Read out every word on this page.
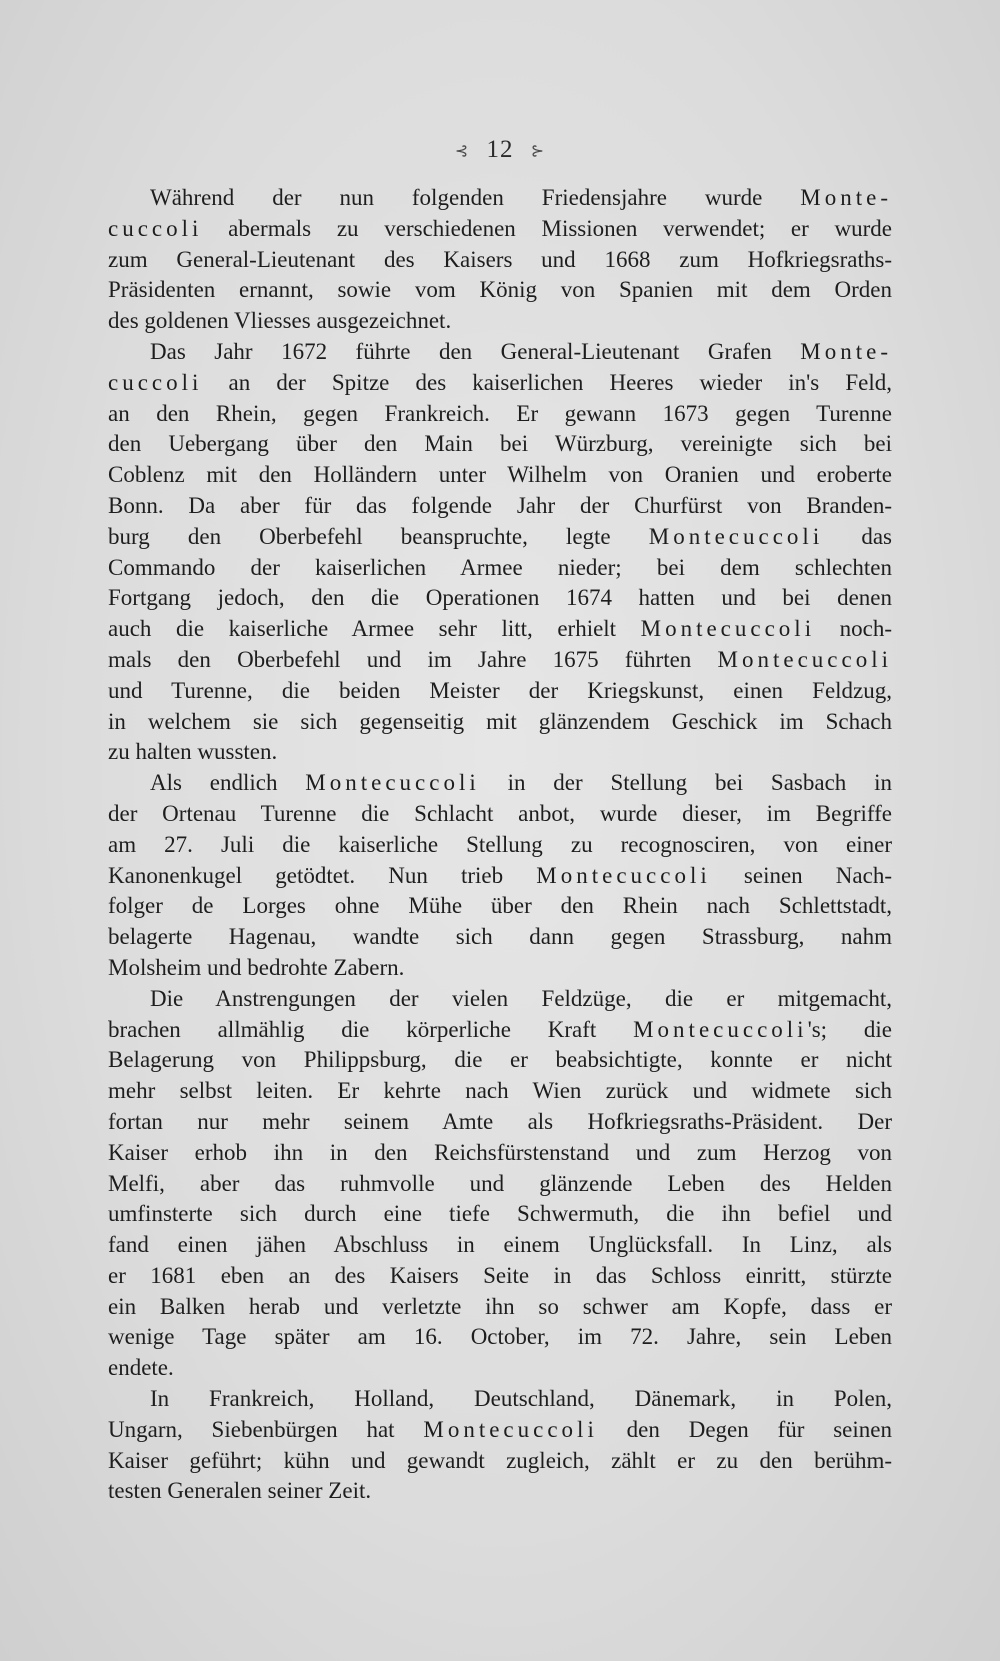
⊰ 12 ⊱
Während der nun folgenden Friedensjahre wurde Monte-
cuccoli abermals zu verschiedenen Missionen verwendet; er wurde
zum General-Lieutenant des Kaisers und 1668 zum Hofkriegsraths-
Präsidenten ernannt, sowie vom König von Spanien mit dem Orden
des goldenen Vliesses ausgezeichnet.
Das Jahr 1672 führte den General-Lieutenant Grafen Monte-
cuccoli an der Spitze des kaiserlichen Heeres wieder in's Feld,
an den Rhein, gegen Frankreich. Er gewann 1673 gegen Turenne
den Uebergang über den Main bei Würzburg, vereinigte sich bei
Coblenz mit den Holländern unter Wilhelm von Oranien und eroberte
Bonn. Da aber für das folgende Jahr der Churfürst von Branden-
burg den Oberbefehl beanspruchte, legte Montecuccoli das
Commando der kaiserlichen Armee nieder; bei dem schlechten
Fortgang jedoch, den die Operationen 1674 hatten und bei denen
auch die kaiserliche Armee sehr litt, erhielt Montecuccoli noch-
mals den Oberbefehl und im Jahre 1675 führten Montecuccoli
und Turenne, die beiden Meister der Kriegskunst, einen Feldzug,
in welchem sie sich gegenseitig mit glänzendem Geschick im Schach
zu halten wussten.
Als endlich Montecuccoli in der Stellung bei Sasbach in
der Ortenau Turenne die Schlacht anbot, wurde dieser, im Begriffe
am 27. Juli die kaiserliche Stellung zu recognosciren, von einer
Kanonenkugel getödtet. Nun trieb Montecuccoli seinen Nach-
folger de Lorges ohne Mühe über den Rhein nach Schlettstadt,
belagerte Hagenau, wandte sich dann gegen Strassburg, nahm
Molsheim und bedrohte Zabern.
Die Anstrengungen der vielen Feldzüge, die er mitgemacht,
brachen allmählig die körperliche Kraft Montecuccoli's; die
Belagerung von Philippsburg, die er beabsichtigte, konnte er nicht
mehr selbst leiten. Er kehrte nach Wien zurück und widmete sich
fortan nur mehr seinem Amte als Hofkriegsraths-Präsident. Der
Kaiser erhob ihn in den Reichsfürstenstand und zum Herzog von
Melfi, aber das ruhmvolle und glänzende Leben des Helden
umfinsterte sich durch eine tiefe Schwermuth, die ihn befiel und
fand einen jähen Abschluss in einem Unglücksfall. In Linz, als
er 1681 eben an des Kaisers Seite in das Schloss einritt, stürzte
ein Balken herab und verletzte ihn so schwer am Kopfe, dass er
wenige Tage später am 16. October, im 72. Jahre, sein Leben
endete.
In Frankreich, Holland, Deutschland, Dänemark, in Polen,
Ungarn, Siebenbürgen hat Montecuccoli den Degen für seinen
Kaiser geführt; kühn und gewandt zugleich, zählt er zu den berühm-
testen Generalen seiner Zeit.
